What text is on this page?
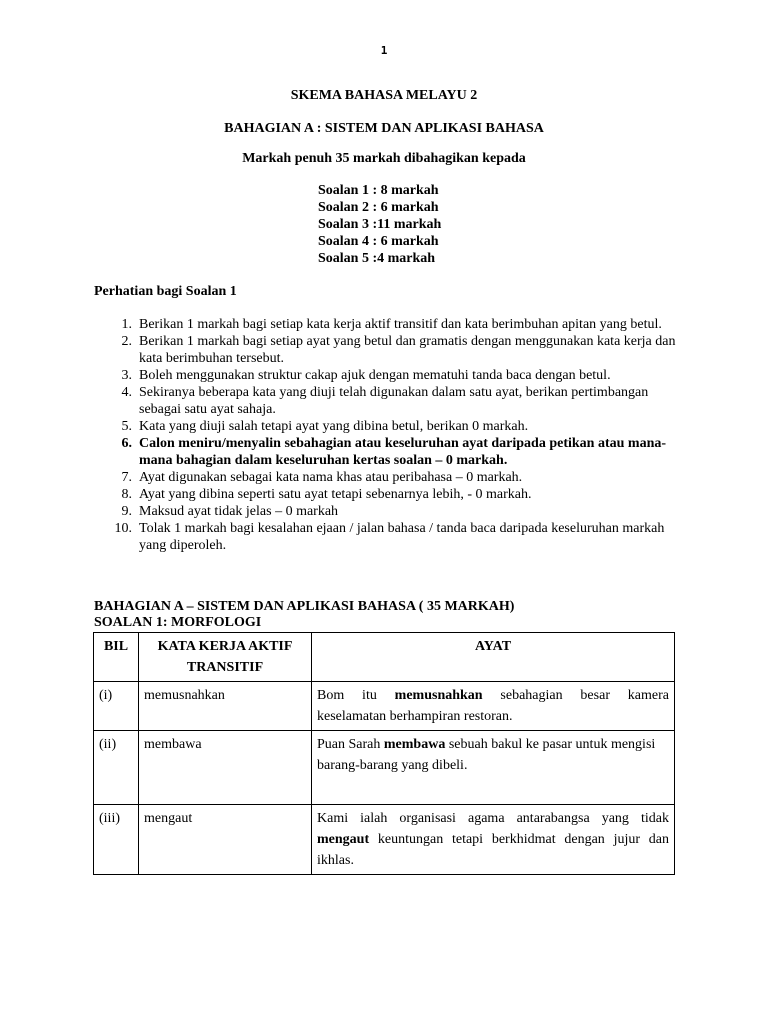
1
SKEMA BAHASA MELAYU 2
BAHAGIAN A : SISTEM DAN APLIKASI BAHASA
Markah penuh 35 markah dibahagikan kepada
Soalan 1 : 8 markah
Soalan 2 : 6 markah
Soalan 3 :11 markah
Soalan 4 : 6 markah
Soalan 5 :4 markah
Perhatian bagi Soalan 1
1. Berikan 1 markah bagi setiap kata kerja aktif transitif dan kata berimbuhan apitan yang betul.
2. Berikan 1 markah bagi setiap ayat yang betul dan gramatis dengan menggunakan kata kerja dan kata berimbuhan tersebut.
3. Boleh menggunakan struktur cakap ajuk dengan mematuhi tanda baca dengan betul.
4. Sekiranya beberapa kata yang diuji telah digunakan dalam satu ayat, berikan pertimbangan sebagai satu ayat sahaja.
5. Kata yang diuji salah tetapi ayat yang dibina betul, berikan 0 markah.
6. Calon meniru/menyalin sebahagian atau keseluruhan ayat daripada petikan atau mana-mana bahagian dalam keseluruhan kertas soalan – 0 markah.
7. Ayat digunakan sebagai kata nama khas atau peribahasa – 0 markah.
8. Ayat yang dibina seperti satu ayat tetapi sebenarnya lebih, - 0 markah.
9. Maksud ayat tidak jelas – 0 markah
10. Tolak 1 markah bagi kesalahan ejaan / jalan bahasa / tanda baca daripada keseluruhan markah yang diperoleh.
BAHAGIAN A – SISTEM DAN APLIKASI BAHASA ( 35 MARKAH)
SOALAN 1: MORFOLOGI
BIL	KATA KERJA AKTIF TRANSITIF	AYAT
(i)	memusnahkan	Bom itu memusnahkan sebahagian besar kamera keselamatan berhampiran restoran.
(ii)	membawa	Puan Sarah membawa sebuah bakul ke pasar untuk mengisi barang-barang yang dibeli.
(iii)	mengaut	Kami ialah organisasi agama antarabangsa yang tidak mengaut keuntungan tetapi berkhidmat dengan jujur dan ikhlas.
